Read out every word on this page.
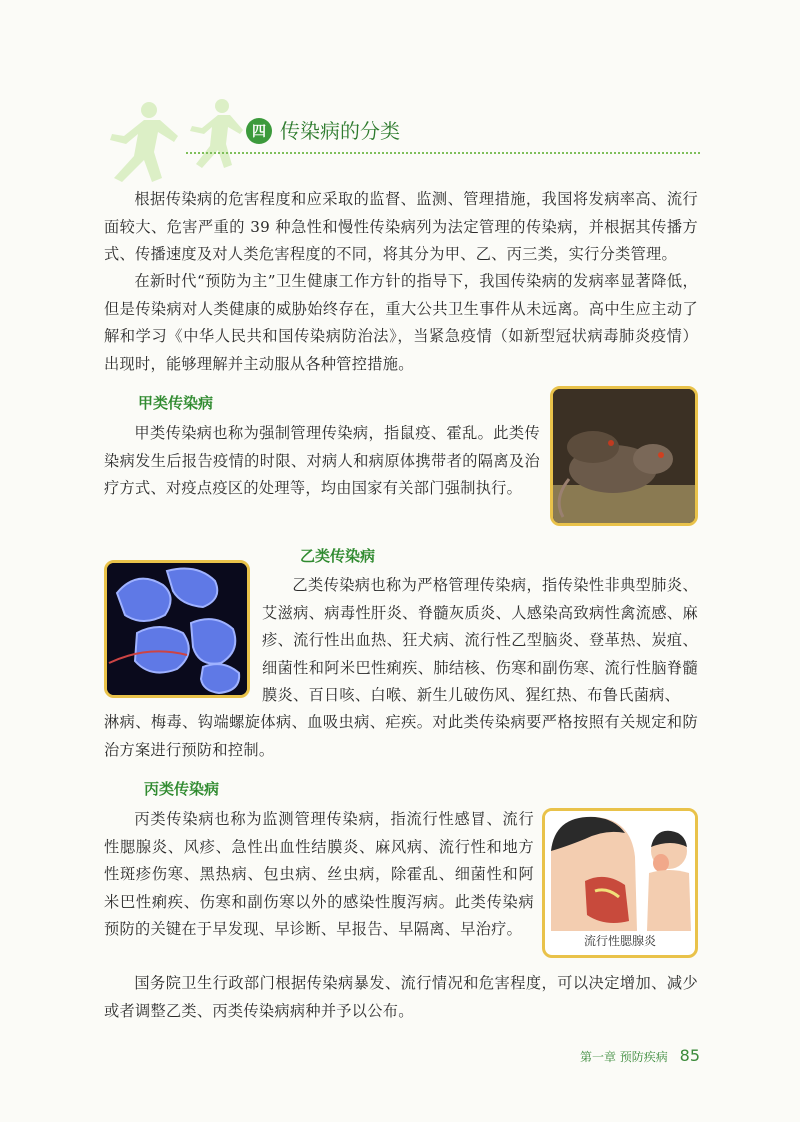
四 传染病的分类

根据传染病的危害程度和应采取的监督、监测、管理措施，我国将发病率高、流行面较大、危害严重的 39 种急性和慢性传染病列为法定管理的传染病，并根据其传播方式、传播速度及对人类危害程度的不同，将其分为甲、乙、丙三类，实行分类管理。

在新时代“预防为主”卫生健康工作方针的指导下，我国传染病的发病率显著降低，但是传染病对人类健康的威胁始终存在，重大公共卫生事件从未远离。高中生应主动了解和学习《中华人民共和国传染病防治法》，当紧急疫情（如新型冠状病毒肺炎疫情）出现时，能够理解并主动服从各种管控措施。

甲类传染病

甲类传染病也称为强制管理传染病，指鼠疫、霍乱。此类传染病发生后报告疫情的时限、对病人和病原体携带者的隔离及治疗方式、对疫点疫区的处理等，均由国家有关部门强制执行。

乙类传染病

乙类传染病也称为严格管理传染病，指传染性非典型肺炎、艾滋病、病毒性肝炎、脊髓灰质炎、人感染高致病性禽流感、麻疹、流行性出血热、狂犬病、流行性乙型脑炎、登革热、炭疽、细菌性和阿米巴性痢疾、肺结核、伤寒和副伤寒、流行性脑脊髓膜炎、百日咳、白喉、新生儿破伤风、猩红热、布鲁氏菌病、

淋病、梅毒、钩端螺旋体病、血吸虫病、疟疾。对此类传染病要严格按照有关规定和防治方案进行预防和控制。

丙类传染病

丙类传染病也称为监测管理传染病，指流行性感冒、流行性腮腺炎、风疹、急性出血性结膜炎、麻风病、流行性和地方性斑疹伤寒、黑热病、包虫病、丝虫病，除霍乱、细菌性和阿米巴性痢疾、伤寒和副伤寒以外的感染性腹泻病。此类传染病预防的关键在于早发现、早诊断、早报告、早隔离、早治疗。

流行性腮腺炎

国务院卫生行政部门根据传染病暴发、流行情况和危害程度，可以决定增加、减少或者调整乙类、丙类传染病病种并予以公布。

第一章 预防疾病 85
